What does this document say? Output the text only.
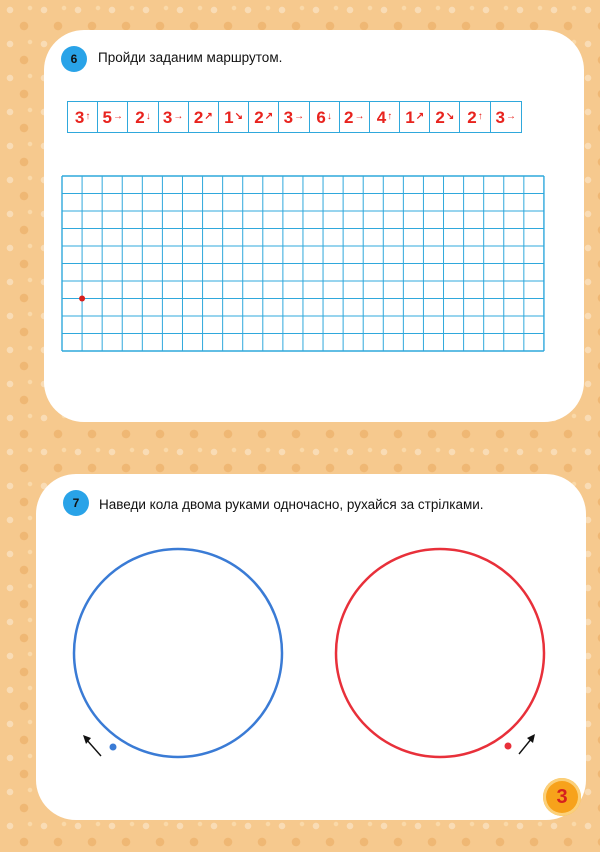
6	Пройди заданим маршрутом.
3 ↑ 5 → 2 ↓ 3 → 2 ↗ 1 ↘ 2 ↗ 3 → 6 ↓ 2 → 4 ↑ 1 ↗ 2 ↘ 2 ↑ 3 →
7	Наведи кола двома руками одночасно, рухайся за стрілками.
3
